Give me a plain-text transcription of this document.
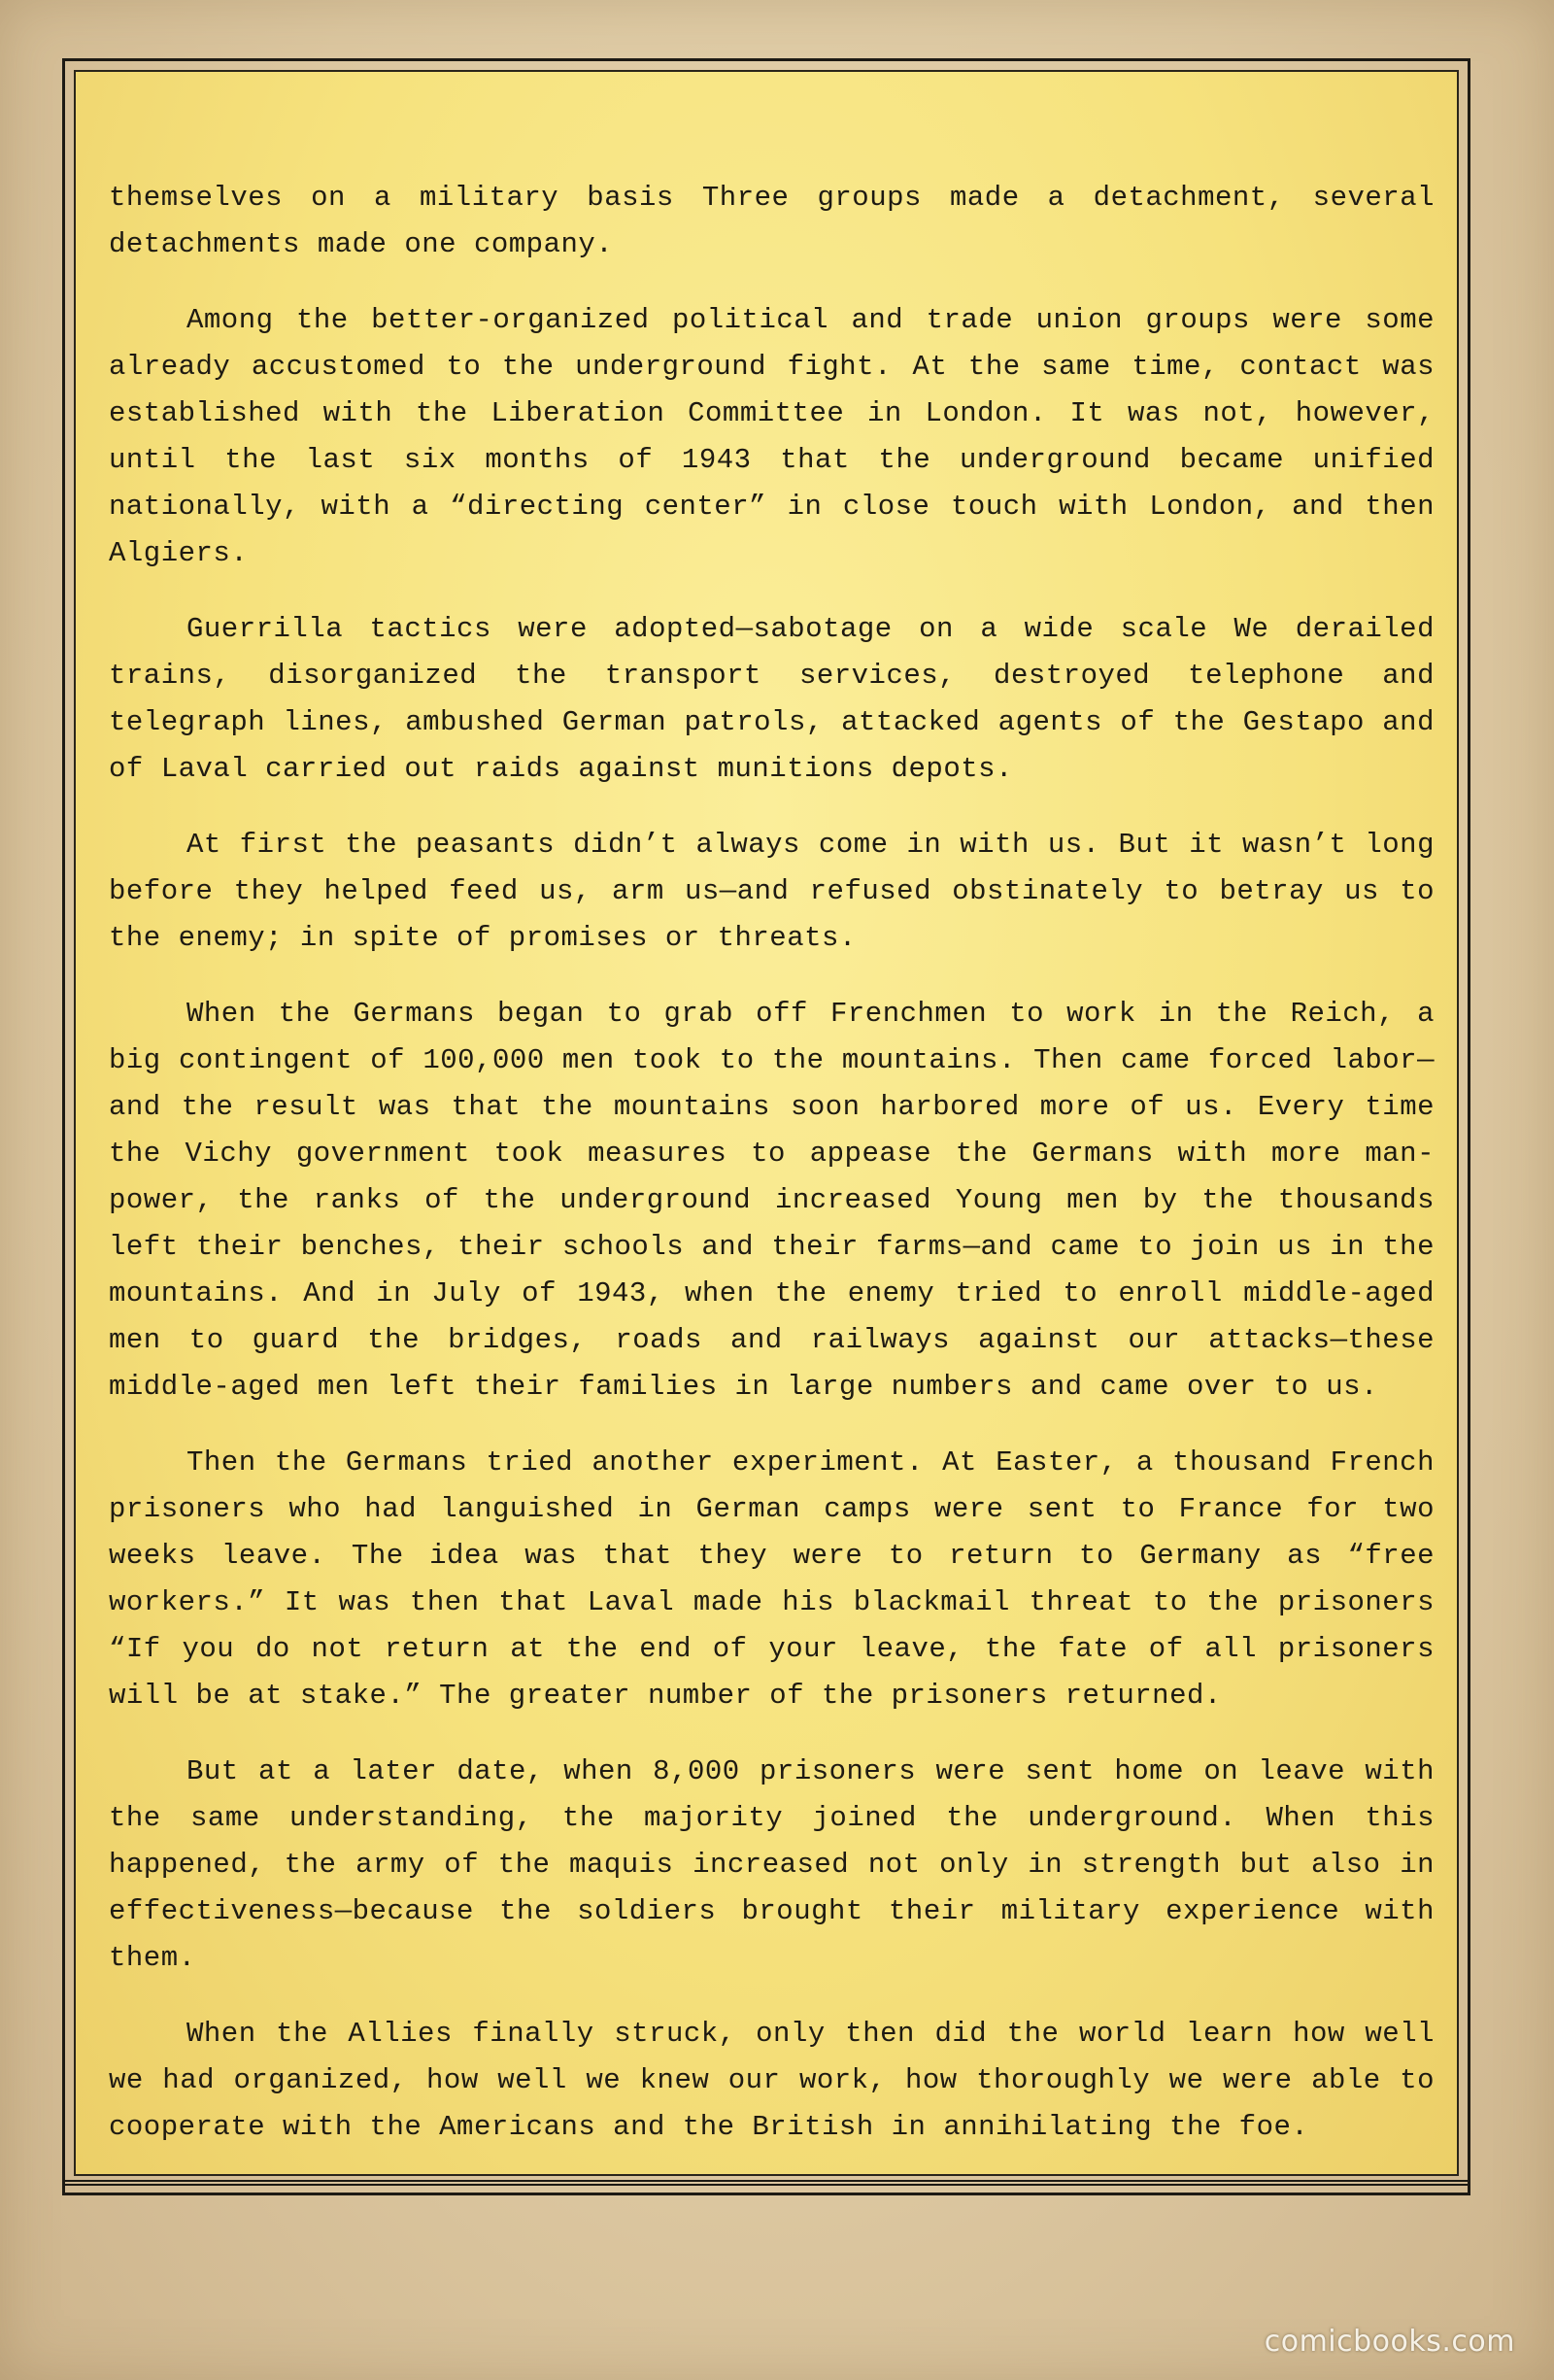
themselves on a military basis Three groups made a detachment, several detachments made one company.

Among the better-organized political and trade union groups were some already accustomed to the underground fight. At the same time, contact was established with the Liberation Committee in London. It was not, however, until the last six months of 1943 that the underground became unified nationally, with a “directing center” in close touch with London, and then Algiers.

Guerrilla tactics were adopted—sabotage on a wide scale We derailed trains, disorganized the transport services, destroyed telephone and telegraph lines, ambushed German patrols, attacked agents of the Gestapo and of Laval carried out raids against munitions depots.

At first the peasants didn’t always come in with us. But it wasn’t long before they helped feed us, arm us—and refused obstinately to betray us to the enemy; in spite of promises or threats.

When the Germans began to grab off Frenchmen to work in the Reich, a big contingent of 100,000 men took to the mountains. Then came forced labor—and the result was that the mountains soon harbored more of us. Every time the Vichy government took measures to appease the Germans with more man-power, the ranks of the underground increased Young men by the thousands left their benches, their schools and their farms—and came to join us in the mountains. And in July of 1943, when the enemy tried to enroll middle-aged men to guard the bridges, roads and railways against our attacks—these middle-aged men left their families in large numbers and came over to us.

Then the Germans tried another experiment. At Easter, a thousand French prisoners who had languished in German camps were sent to France for two weeks leave. The idea was that they were to return to Germany as “free workers.” It was then that Laval made his blackmail threat to the prisoners “If you do not return at the end of your leave, the fate of all prisoners will be at stake.” The greater number of the prisoners returned.

But at a later date, when 8,000 prisoners were sent home on leave with the same understanding, the majority joined the underground. When this happened, the army of the maquis increased not only in strength but also in effectiveness—because the soldiers brought their military experience with them.

When the Allies finally struck, only then did the world learn how well we had organized, how well we knew our work, how thoroughly we were able to cooperate with the Americans and the British in annihilating the foe.

comicbooks.com
